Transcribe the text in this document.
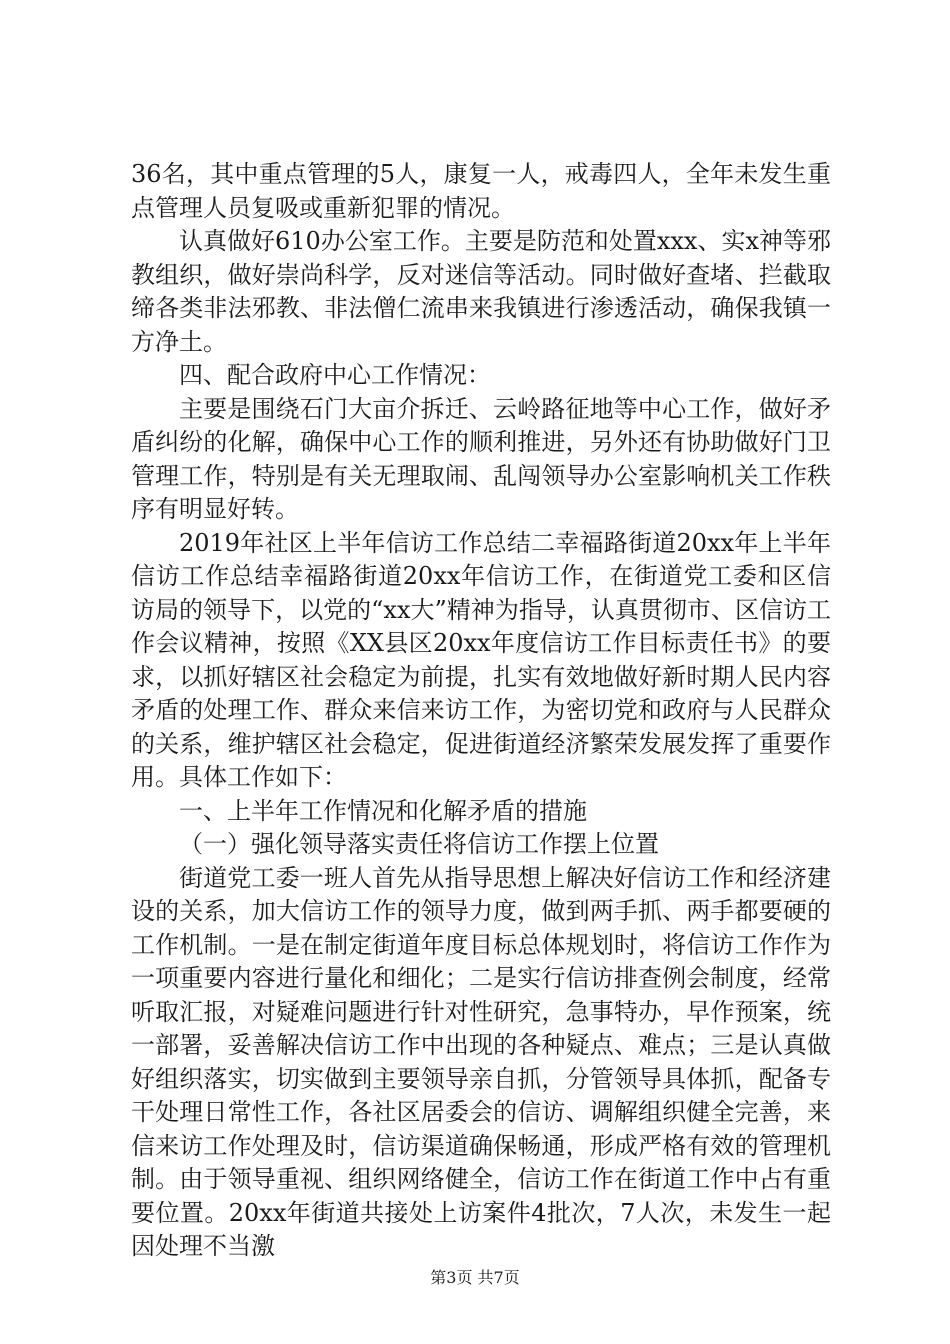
36名，其中重点管理的5人，康复一人，戒毒四人，全年未发生重点管理人员复吸或重新犯罪的情况。

认真做好610办公室工作。主要是防范和处置xxx、实x神等邪教组织，做好崇尚科学，反对迷信等活动。同时做好查堵、拦截取缔各类非法邪教、非法僧仁流串来我镇进行渗透活动，确保我镇一方净土。

四、配合政府中心工作情况：

主要是围绕石门大亩介拆迁、云岭路征地等中心工作，做好矛盾纠纷的化解，确保中心工作的顺利推进，另外还有协助做好门卫管理工作，特别是有关无理取闹、乱闯领导办公室影响机关工作秩序有明显好转。

2019年社区上半年信访工作总结二幸福路街道20xx年上半年信访工作总结幸福路街道20xx年信访工作，在街道党工委和区信访局的领导下，以党的“xx大”精神为指导，认真贯彻市、区信访工作会议精神，按照《XX县区20xx年度信访工作目标责任书》的要求，以抓好辖区社会稳定为前提，扎实有效地做好新时期人民内容矛盾的处理工作、群众来信来访工作，为密切党和政府与人民群众的关系，维护辖区社会稳定，促进街道经济繁荣发展发挥了重要作用。具体工作如下：

一、上半年工作情况和化解矛盾的措施

（一）强化领导落实责任将信访工作摆上位置

街道党工委一班人首先从指导思想上解决好信访工作和经济建设的关系，加大信访工作的领导力度，做到两手抓、两手都要硬的工作机制。一是在制定街道年度目标总体规划时，将信访工作作为一项重要内容进行量化和细化；二是实行信访排查例会制度，经常听取汇报，对疑难问题进行针对性研究，急事特办，早作预案，统一部署，妥善解决信访工作中出现的各种疑点、难点；三是认真做好组织落实，切实做到主要领导亲自抓，分管领导具体抓，配备专干处理日常性工作，各社区居委会的信访、调解组织健全完善，来信来访工作处理及时，信访渠道确保畅通，形成严格有效的管理机制。由于领导重视、组织网络健全，信访工作在街道工作中占有重要位置。20xx年街道共接处上访案件4批次，7人次，未发生一起因处理不当激

第3页 共7页
